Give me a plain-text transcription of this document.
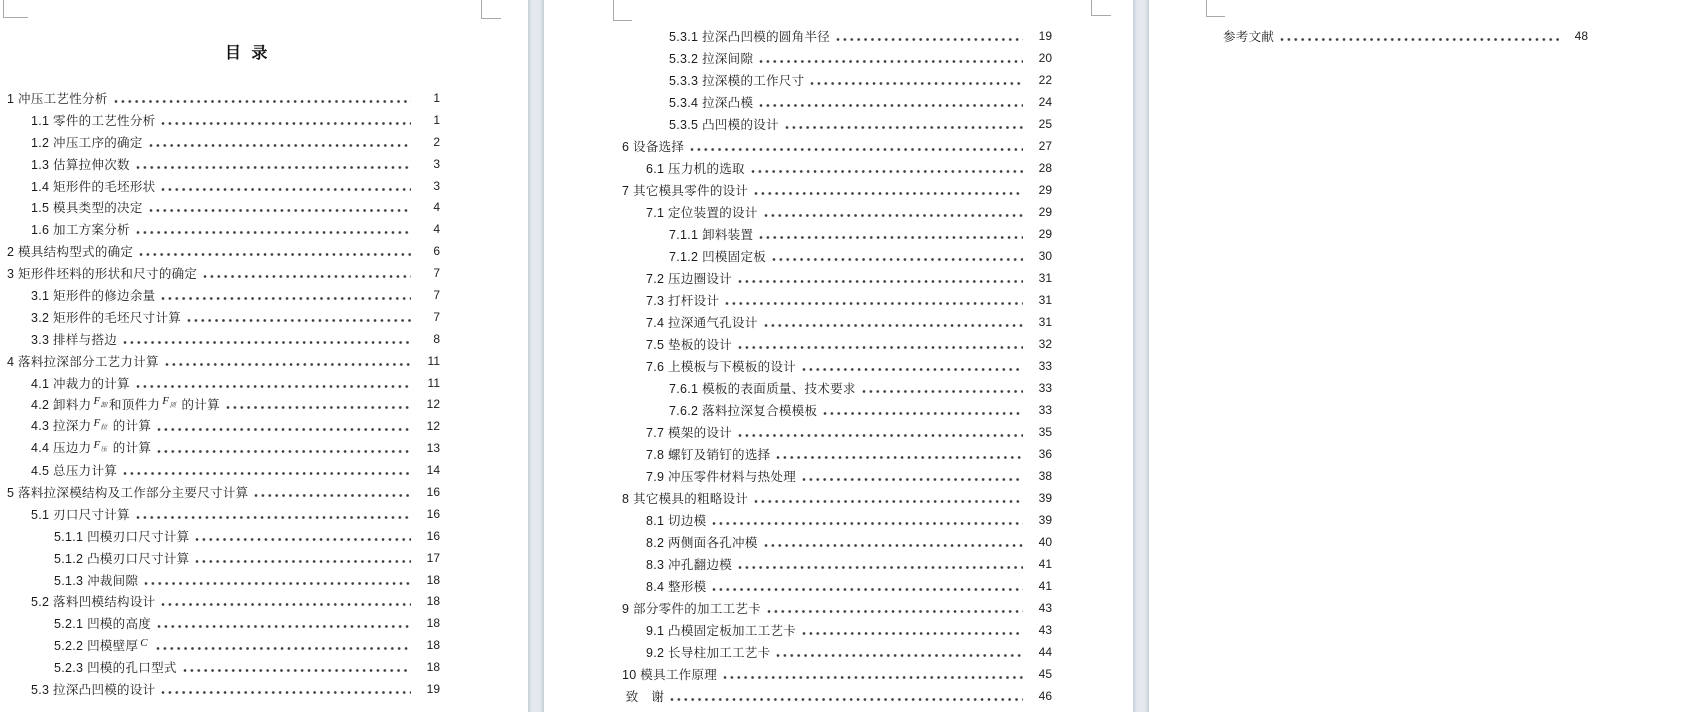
目  录
1 冲压工艺性分析	1
1.1 零件的工艺性分析	1
1.2 冲压工序的确定	2
1.3 估算拉伸次数	3
1.4 矩形件的毛坯形状	3
1.5 模具类型的决定	4
1.6 加工方案分析	4
2 模具结构型式的确定	6
3 矩形件坯料的形状和尺寸的确定	7
3.1 矩形件的修边余量	7
3.2 矩形件的毛坯尺寸计算	7
3.3 排样与搭边	8
4 落料拉深部分工艺力计算	11
4.1 冲裁力的计算	11
4.2 卸料力 $F_卸$ 和顶件力 $F_顶$ 的计算	12
4.3 拉深力 $F_拉$ 的计算	12
4.4 压边力 $F_压$ 的计算	13
4.5 总压力计算	14
5 落料拉深模结构及工作部分主要尺寸计算	16
5.1 刃口尺寸计算	16
5.1.1 凹模刃口尺寸计算	16
5.1.2 凸模刃口尺寸计算	17
5.1.3 冲裁间隙	18
5.2 落料凹模结构设计	18
5.2.1 凹模的高度	18
5.2.2 凹模壁厚 C	18
5.2.3 凹模的孔口型式	18
5.3 拉深凸凹模的设计	19
5.3.1 拉深凸凹模的圆角半径	19
5.3.2 拉深间隙	20
5.3.3 拉深模的工作尺寸	22
5.3.4 拉深凸模	24
5.3.5 凸凹模的设计	25
6 设备选择	27
6.1 压力机的选取	28
7 其它模具零件的设计	29
7.1 定位装置的设计	29
7.1.1 卸料装置	29
7.1.2 凹模固定板	30
7.2 压边圈设计	31
7.3 打杆设计	31
7.4 拉深通气孔设计	31
7.5 垫板的设计	32
7.6 上模板与下模板的设计	33
7.6.1 模板的表面质量、技术要求	33
7.6.2 落料拉深复合模模板	33
7.7 模架的设计	35
7.8 螺钉及销钉的选择	36
7.9 冲压零件材料与热处理	38
8 其它模具的粗略设计	39
8.1 切边模	39
8.2 两侧面各孔冲模	40
8.3 冲孔翻边模	41
8.4 整形模	41
9 部分零件的加工工艺卡	43
9.1 凸模固定板加工工艺卡	43
9.2 长导柱加工工艺卡	44
10 模具工作原理	45
致　谢	46
参考文献	48
